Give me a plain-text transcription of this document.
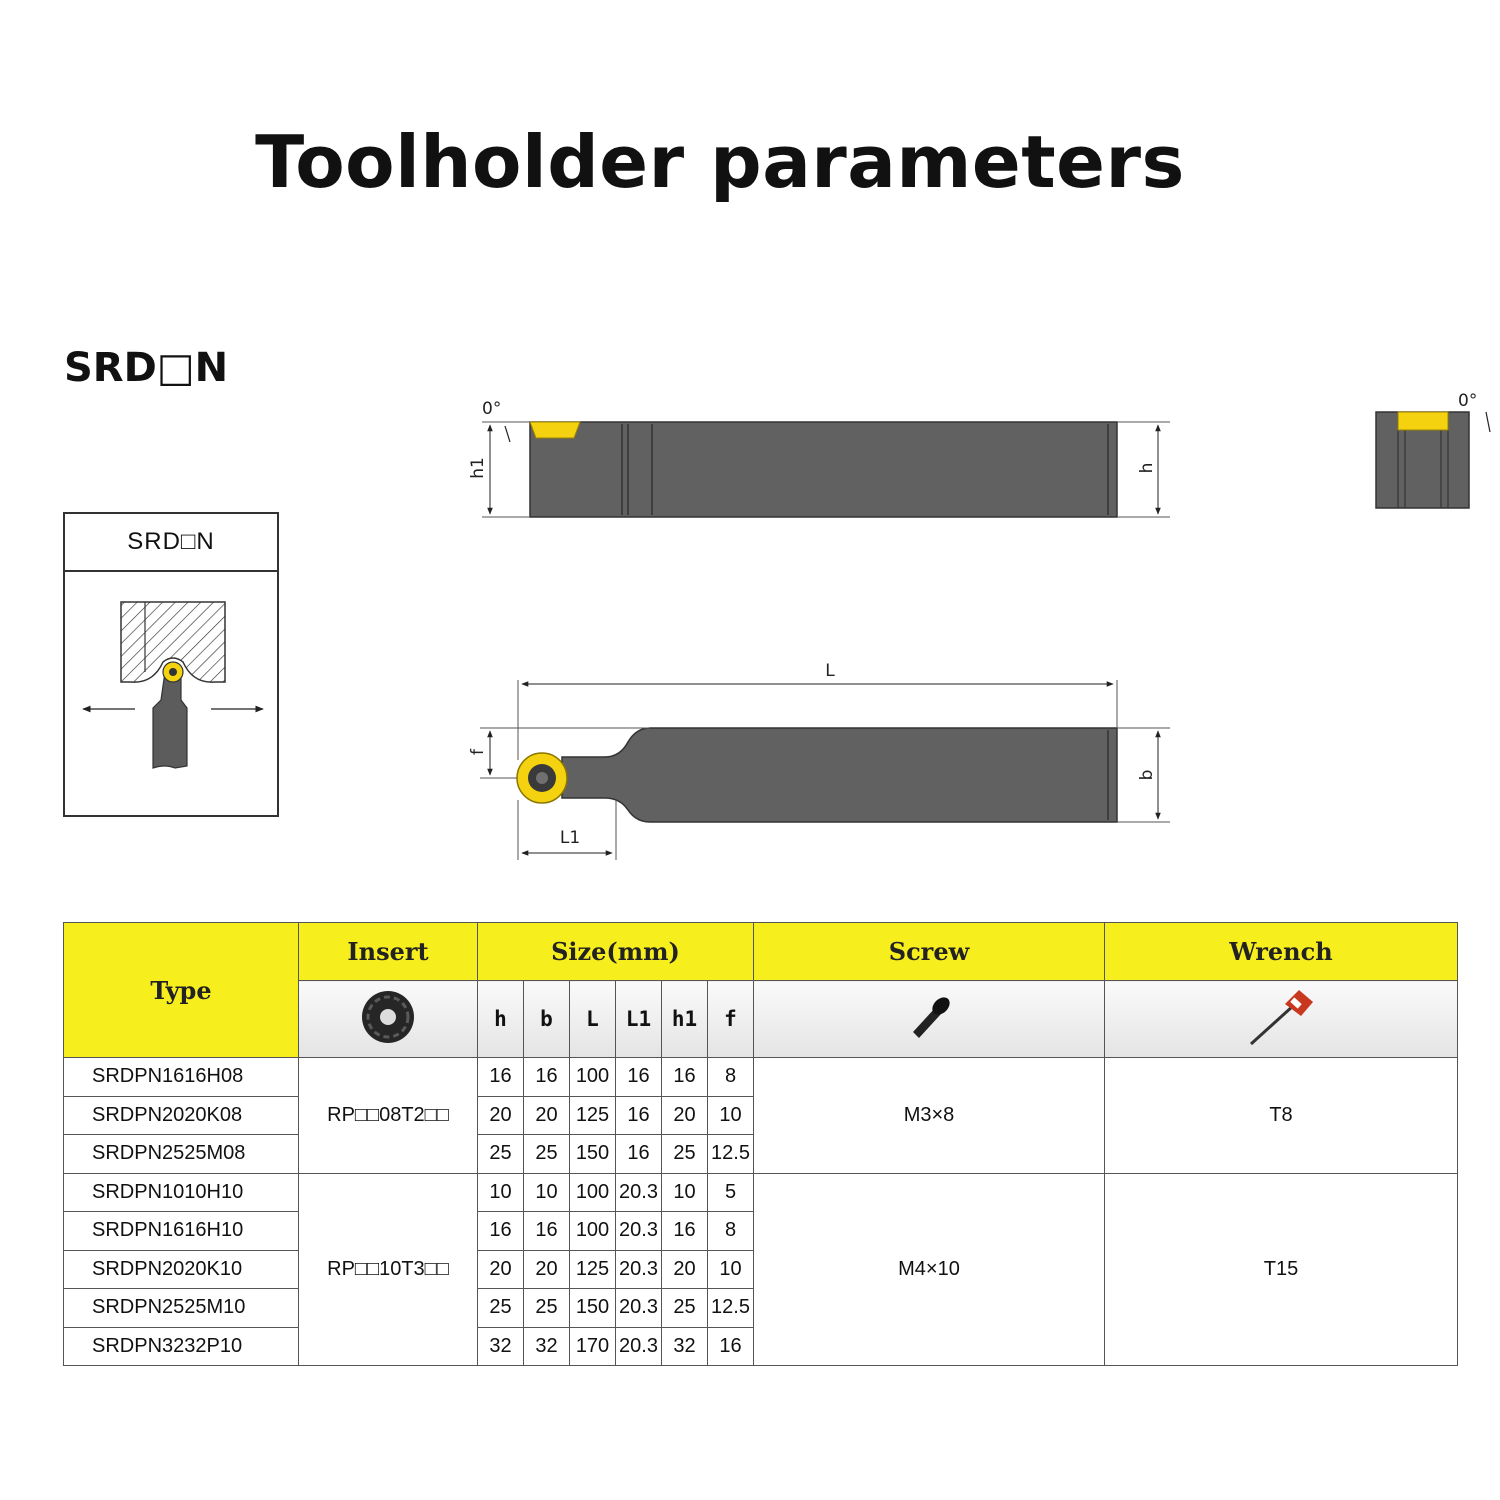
Toolholder parameters
SRD□N
h1
0°
h
0°
L
f
b
L1
SRD□N
Type	Insert	Size(mm)						Screw	Wrench
	h	b	L	L1	h1	f		
SRDPN1616H08	RP□□08T2□□	16	16	100	16	16	8	M3×8	T8
SRDPN2020K08		20	20	125	16	20	10		
SRDPN2525M08		25	25	150	16	25	12.5		
SRDPN1010H10	RP□□10T3□□	10	10	100	20.3	10	5	M4×10	T15
SRDPN1616H10		16	16	100	20.3	16	8		
SRDPN2020K10		20	20	125	20.3	20	10		
SRDPN2525M10		25	25	150	20.3	25	12.5		
SRDPN3232P10		32	32	170	20.3	32	16		
